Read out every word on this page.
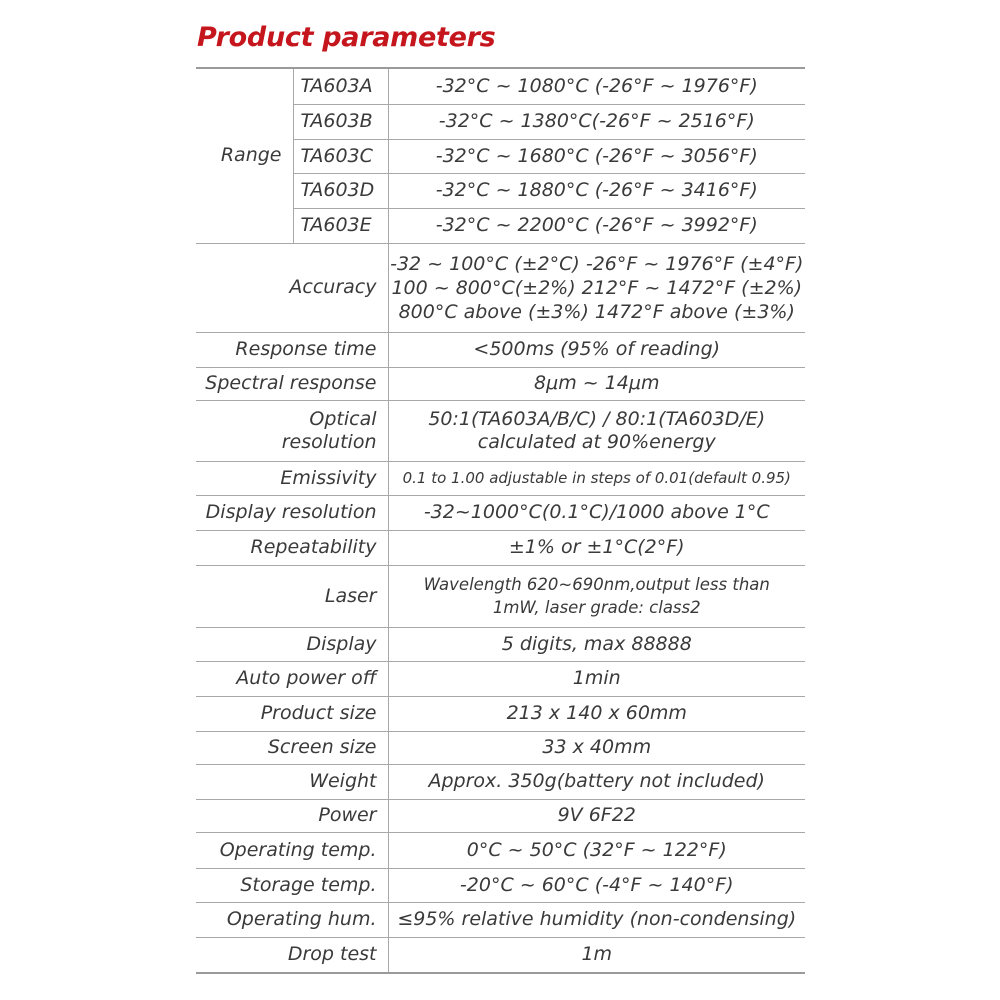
Product parameters
Range	TA603A	-32°C ~ 1080°C (-26°F ~ 1976°F)
	TA603B	-32°C ~ 1380°C(-26°F ~ 2516°F)
	TA603C	-32°C ~ 1680°C (-26°F ~ 3056°F)
	TA603D	-32°C ~ 1880°C (-26°F ~ 3416°F)
	TA603E	-32°C ~ 2200°C (-26°F ~ 3992°F)

Accuracy		-32 ~ 100°C (±2°C) -26°F ~ 1976°F (±4°F)
100 ~ 800°C(±2%) 212°F ~ 1472°F (±2%)
800°C above (±3%) 1472°F above (±3%)

Response time		<500ms (95% of reading)

Spectral response		8μm ~ 14μm

Optical
resolution		50:1(TA603A/B/C) / 80:1(TA603D/E)
calculated at 90%energy

Emissivity		0.1 to 1.00 adjustable in steps of 0.01(default 0.95)

Display resolution		-32~1000°C(0.1°C)/1000 above 1°C

Repeatability		±1% or ±1°C(2°F)

Laser		Wavelength 620~690nm,output less than
1mW, laser grade: class2

Display		5 digits, max 88888

Auto power off		1min

Product size		213 x 140 x 60mm

Screen size		33 x 40mm

Weight		Approx. 350g(battery not included)

Power		9V 6F22

Operating temp.		0°C ~ 50°C (32°F ~ 122°F)

Storage temp.		-20°C ~ 60°C (-4°F ~ 140°F)

Operating hum.		≤95% relative humidity (non-condensing)

Drop test		1m
